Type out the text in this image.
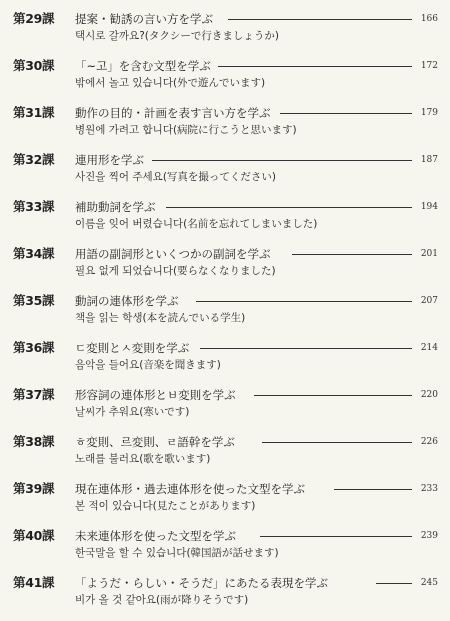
第29課 提案・勧誘の言い方を学ぶ	166
택시로 갈까요?(タクシーで行きましょうか)
第30課 「~고」を含む文型を学ぶ	172
밖에서 놀고 있습니다(外で遊んでいます)
第31課 動作の目的・計画を表す言い方を学ぶ	179
병원에 가려고 합니다(病院に行こうと思います)
第32課 連用形を学ぶ	187
사진을 찍어 주세요(写真を撮ってください)
第33課 補助動詞を学ぶ	194
이름을 잊어 버렸습니다(名前を忘れてしまいました)
第34課 用語の副詞形といくつかの副詞を学ぶ	201
필요 없게 되었습니다(要らなくなりました)
第35課 動詞の連体形を学ぶ	207
책을 읽는 학생(本を読んでいる学生)
第36課 ㄷ変則とㅅ変則を学ぶ	214
음악을 들어요(音楽を聞きます)
第37課 形容詞の連体形とㅂ変則を学ぶ	220
날씨가 추워요(寒いです)
第38課 ㅎ変則、르変則、ㄹ語幹を学ぶ	226
노래를 불러요(歌を歌います)
第39課 現在連体形・過去連体形を使った文型を学ぶ	233
본 적이 있습니다(見たことがあります)
第40課 未来連体形を使った文型を学ぶ	239
한국말을 할 수 있습니다(韓国語が話せます)
第41課 「ようだ・らしい・そうだ」にあたる表現を学ぶ	245
비가 올 것 같아요(雨が降りそうです)
